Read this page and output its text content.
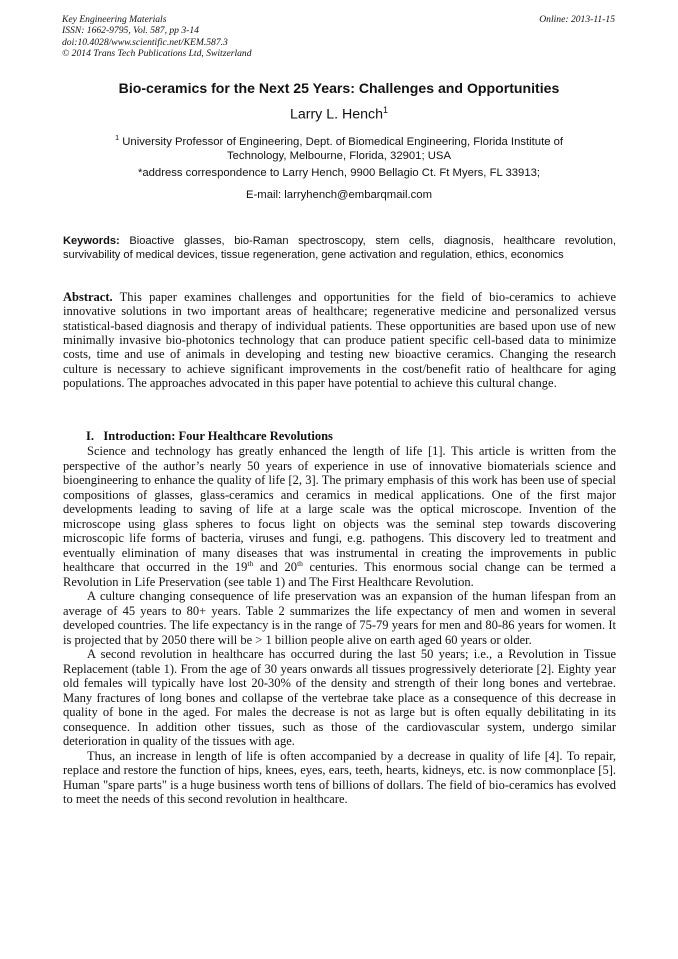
Key Engineering Materials
ISSN: 1662-9795, Vol. 587, pp 3-14
doi:10.4028/www.scientific.net/KEM.587.3
© 2014 Trans Tech Publications Ltd, Switzerland
Online: 2013-11-15
Bio-ceramics for the Next 25 Years: Challenges and Opportunities
Larry L. Hench$^1$
$^1$ University Professor of Engineering, Dept. of Biomedical Engineering, Florida Institute of Technology, Melbourne, Florida, 32901; USA
*address correspondence to Larry Hench, 9900 Bellagio Ct. Ft Myers, FL 33913;
E-mail: larryhench@embarqmail.com
Keywords: Bioactive glasses, bio-Raman spectroscopy, stem cells, diagnosis, healthcare revolution, survivability of medical devices, tissue regeneration, gene activation and regulation, ethics, economics
Abstract. This paper examines challenges and opportunities for the field of bio-ceramics to achieve innovative solutions in two important areas of healthcare; regenerative medicine and personalized versus statistical-based diagnosis and therapy of individual patients. These opportunities are based upon use of new minimally invasive bio-photonics technology that can produce patient specific cell-based data to minimize costs, time and use of animals in developing and testing new bioactive ceramics. Changing the research culture is necessary to achieve significant improvements in the cost/benefit ratio of healthcare for aging populations. The approaches advocated in this paper have potential to achieve this cultural change.
I. Introduction: Four Healthcare Revolutions

Science and technology has greatly enhanced the length of life [1]. This article is written from the perspective of the author’s nearly 50 years of experience in use of innovative biomaterials science and bioengineering to enhance the quality of life [2, 3]. The primary emphasis of this work has been use of special compositions of glasses, glass-ceramics and ceramics in medical applications. One of the first major developments leading to saving of life at a large scale was the optical microscope. Invention of the microscope using glass spheres to focus light on objects was the seminal step towards discovering microscopic life forms of bacteria, viruses and fungi, e.g. pathogens. This discovery led to treatment and eventually elimination of many diseases that was instrumental in creating the improvements in public healthcare that occurred in the 19th and 20th centuries. This enormous social change can be termed a Revolution in Life Preservation (see table 1) and The First Healthcare Revolution.

A culture changing consequence of life preservation was an expansion of the human lifespan from an average of 45 years to 80+ years. Table 2 summarizes the life expectancy of men and women in several developed countries. The life expectancy is in the range of 75-79 years for men and 80-86 years for women. It is projected that by 2050 there will be > 1 billion people alive on earth aged 60 years or older.

A second revolution in healthcare has occurred during the last 50 years; i.e., a Revolution in Tissue Replacement (table 1). From the age of 30 years onwards all tissues progressively deteriorate [2]. Eighty year old females will typically have lost 20-30% of the density and strength of their long bones and vertebrae. Many fractures of long bones and collapse of the vertebrae take place as a consequence of this decrease in quality of bone in the aged. For males the decrease is not as large but is often equally debilitating in its consequence. In addition other tissues, such as those of the cardiovascular system, undergo similar deterioration in quality of the tissues with age.

Thus, an increase in length of life is often accompanied by a decrease in quality of life [4]. To repair, replace and restore the function of hips, knees, eyes, ears, teeth, hearts, kidneys, etc. is now commonplace [5]. Human "spare parts" is a huge business worth tens of billions of dollars. The field of bio-ceramics has evolved to meet the needs of this second revolution in healthcare.
